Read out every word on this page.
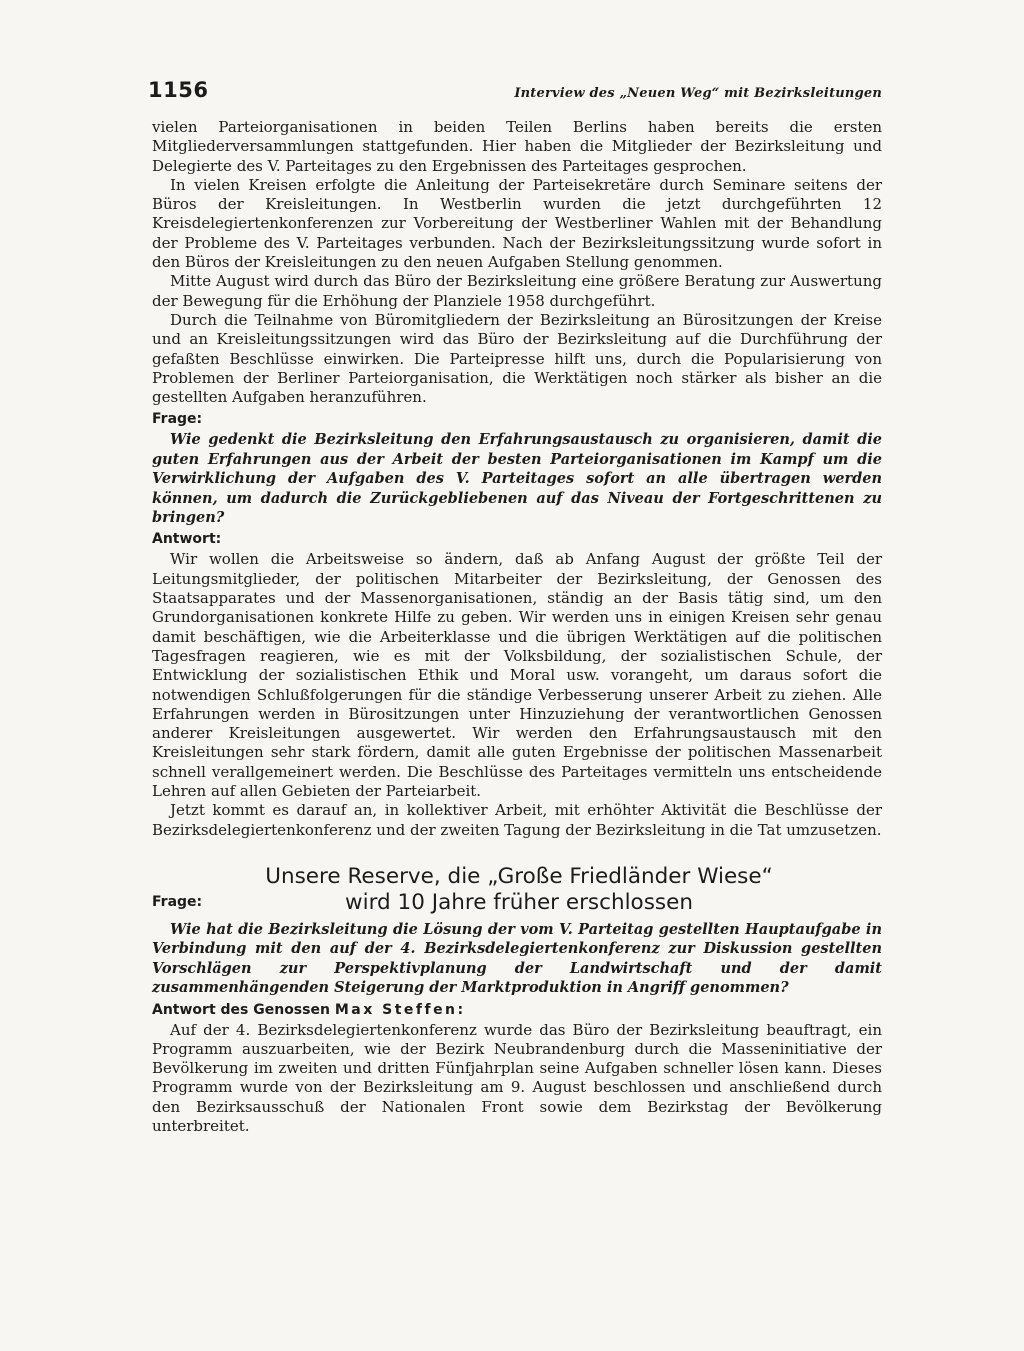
1156	Interview des „Neuen Weg“ mit Bezirksleitungen

vielen Parteiorganisationen in beiden Teilen Berlins haben bereits die ersten Mitgliederversammlungen stattgefunden. Hier haben die Mitglieder der Bezirksleitung und Delegierte des V. Parteitages zu den Ergebnissen des Parteitages gesprochen.

In vielen Kreisen erfolgte die Anleitung der Parteisekretäre durch Seminare seitens der Büros der Kreisleitungen. In Westberlin wurden die jetzt durchgeführten 12 Kreisdelegiertenkonferenzen zur Vorbereitung der Westberliner Wahlen mit der Behandlung der Probleme des V. Parteitages verbunden. Nach der Bezirksleitungssitzung wurde sofort in den Büros der Kreisleitungen zu den neuen Aufgaben Stellung genommen.

Mitte August wird durch das Büro der Bezirksleitung eine größere Beratung zur Auswertung der Bewegung für die Erhöhung der Planziele 1958 durchgeführt.

Durch die Teilnahme von Büromitgliedern der Bezirksleitung an Bürositzungen der Kreise und an Kreisleitungssitzungen wird das Büro der Bezirksleitung auf die Durchführung der gefaßten Beschlüsse einwirken. Die Parteipresse hilft uns, durch die Popularisierung von Problemen der Berliner Parteiorganisation, die Werktätigen noch stärker als bisher an die gestellten Aufgaben heranzuführen.

Frage:

Wie gedenkt die Bezirksleitung den Erfahrungsaustausch zu organisieren, damit die guten Erfahrungen aus der Arbeit der besten Parteiorganisationen im Kampf um die Verwirklichung der Aufgaben des V. Parteitages sofort an alle übertragen werden können, um dadurch die Zurückgebliebenen auf das Niveau der Fortgeschrittenen zu bringen?

Antwort:

Wir wollen die Arbeitsweise so ändern, daß ab Anfang August der größte Teil der Leitungsmitglieder, der politischen Mitarbeiter der Bezirksleitung, der Genossen des Staatsapparates und der Massenorganisationen, ständig an der Basis tätig sind, um den Grundorganisationen konkrete Hilfe zu geben. Wir werden uns in einigen Kreisen sehr genau damit beschäftigen, wie die Arbeiterklasse und die übrigen Werktätigen auf die politischen Tagesfragen reagieren, wie es mit der Volksbildung, der sozialistischen Schule, der Entwicklung der sozialistischen Ethik und Moral usw. vorangeht, um daraus sofort die notwendigen Schlußfolgerungen für die ständige Verbesserung unserer Arbeit zu ziehen. Alle Erfahrungen werden in Bürositzungen unter Hinzuziehung der verantwortlichen Genossen anderer Kreisleitungen ausgewertet. Wir werden den Erfahrungsaustausch mit den Kreisleitungen sehr stark fördern, damit alle guten Ergebnisse der politischen Massenarbeit schnell verallgemeinert werden. Die Beschlüsse des Parteitages vermitteln uns entscheidende Lehren auf allen Gebieten der Parteiarbeit.

Jetzt kommt es darauf an, in kollektiver Arbeit, mit erhöhter Aktivität die Beschlüsse der Bezirksdelegiertenkonferenz und der zweiten Tagung der Bezirksleitung in die Tat umzusetzen.

Unsere Reserve, die „Große Friedländer Wiese“
wird 10 Jahre früher erschlossen

Frage:

Wie hat die Bezirksleitung die Lösung der vom V. Parteitag gestellten Hauptaufgabe in Verbindung mit den auf der 4. Bezirksdelegiertenkonferenz zur Diskussion gestellten Vorschlägen zur Perspektivplanung der Landwirtschaft und der damit zusammenhängenden Steigerung der Marktproduktion in Angriff genommen?

Antwort des Genossen Max Steffen:

Auf der 4. Bezirksdelegiertenkonferenz wurde das Büro der Bezirksleitung beauftragt, ein Programm auszuarbeiten, wie der Bezirk Neubrandenburg durch die Masseninitiative der Bevölkerung im zweiten und dritten Fünfjahrplan seine Aufgaben schneller lösen kann. Dieses Programm wurde von der Bezirksleitung am 9. August beschlossen und anschließend durch den Bezirksausschuß der Nationalen Front sowie dem Bezirkstag der Bevölkerung unterbreitet.
